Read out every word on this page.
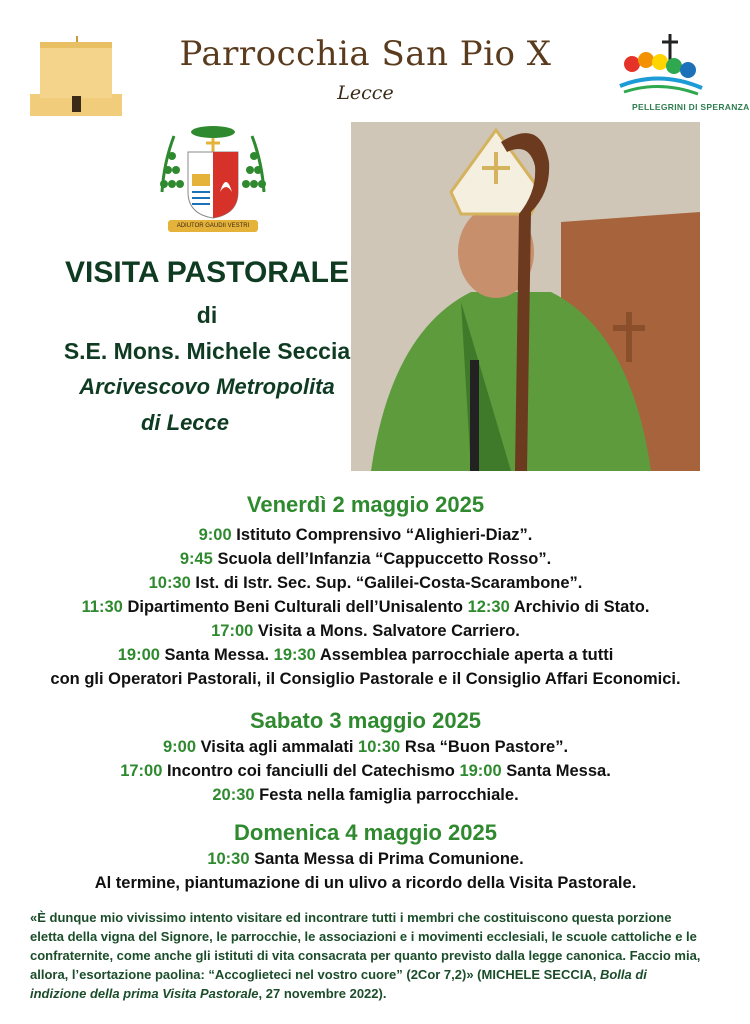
Parrocchia San Pio X
Lecce
PELLEGRINI DI SPERANZA
ADIUTOR GAUDII VESTRI
VISITA PASTORALE
di
S.E. Mons. Michele Seccia
Arcivescovo Metropolita
di Lecce
Venerdì 2 maggio 2025
9:00 Istituto Comprensivo “Alighieri-Diaz”.
9:45 Scuola dell’Infanzia “Cappuccetto Rosso”.
10:30 Ist. di Istr. Sec. Sup. “Galilei-Costa-Scarambone”.
11:30 Dipartimento Beni Culturali dell’Unisalento 12:30 Archivio di Stato.
17:00 Visita a Mons. Salvatore Carriero.
19:00 Santa Messa. 19:30 Assemblea parrocchiale aperta a tutti
con gli Operatori Pastorali, il Consiglio Pastorale e il Consiglio Affari Economici.
Sabato 3 maggio 2025
9:00 Visita agli ammalati 10:30 Rsa “Buon Pastore”.
17:00 Incontro coi fanciulli del Catechismo 19:00 Santa Messa.
20:30 Festa nella famiglia parrocchiale.
Domenica 4 maggio 2025
10:30 Santa Messa di Prima Comunione.
Al termine, piantumazione di un ulivo a ricordo della Visita Pastorale.
«È dunque mio vivissimo intento visitare ed incontrare tutti i membri che costituiscono questa porzione eletta della vigna del Signore, le parrocchie, le associazioni e i movimenti ecclesiali, le scuole cattoliche e le confraternite, come anche gli istituti di vita consacrata per quanto previsto dalla legge canonica. Faccio mia, allora, l’esortazione paolina: “Accoglieteci nel vostro cuore” (2Cor 7,2)» (MICHELE SECCIA, Bolla di indizione della prima Visita Pastorale, 27 novembre 2022).
